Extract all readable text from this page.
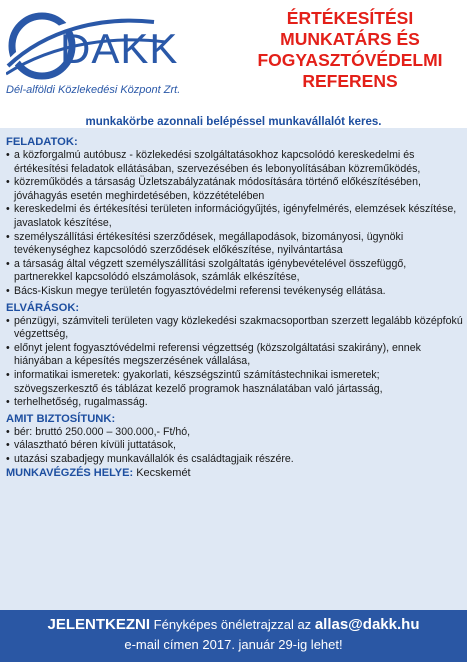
DAKK
Dél-alföldi Közlekedési Központ Zrt.
ÉRTÉKESÍTÉSI
MUNKATÁRS ÉS
FOGYASZTÓVÉDELMI
REFERENS
munkakörbe azonnali belépéssel munkavállalót keres.
FELADATOK:
• a közforgalmú autóbusz - közlekedési szolgáltatásokhoz kapcsolódó kereskedelmi és értékesítési feladatok ellátásában, szervezésében és lebonyolításában közreműködés,
• közreműködés a társaság Üzletszabályzatának módosítására történő előkészítésében, jóváhagyás esetén meghirdetésében, közzétételében
• kereskedelmi és értékesítési területen információgyűjtés, igényfelmérés, elemzések készítése, javaslatok készítése,
• személyszállítási értékesítési szerződések, megállapodások, bizományosi, ügynöki tevékenységhez kapcsolódó szerződések előkészítése, nyilvántartása
• a társaság által végzett személyszállítási szolgáltatás igénybevételével összefüggő, partnerekkel kapcsolódó elszámolások, számlák elkészítése,
• Bács-Kiskun megye területén fogyasztóvédelmi referensi tevékenység ellátása.
ELVÁRÁSOK:
• pénzügyi, számviteli területen vagy közlekedési szakmacsoportban szerzett legalább középfokú végzettség,
• előnyt jelent fogyasztóvédelmi referensi végzettség (közszolgáltatási szakirány), ennek hiányában a képesítés megszerzésének vállalása,
• informatikai ismeretek: gyakorlati, készségszintű számítástechnikai ismeretek; szövegszerkesztő és táblázat kezelő programok használatában való jártasság,
• terhelhetőség, rugalmasság.
AMIT BIZTOSÍTUNK:
• bér: bruttó 250.000 – 300.000,- Ft/hó,
• választható béren kívüli juttatások,
• utazási szabadjegy munkavállalók és családtagjaik részére.
MUNKAVÉGZÉS HELYE: Kecskemét
JELENTKEZNI Fényképes önéletrajzzal az allas@dakk.hu
e-mail címen 2017. január 29-ig lehet!
